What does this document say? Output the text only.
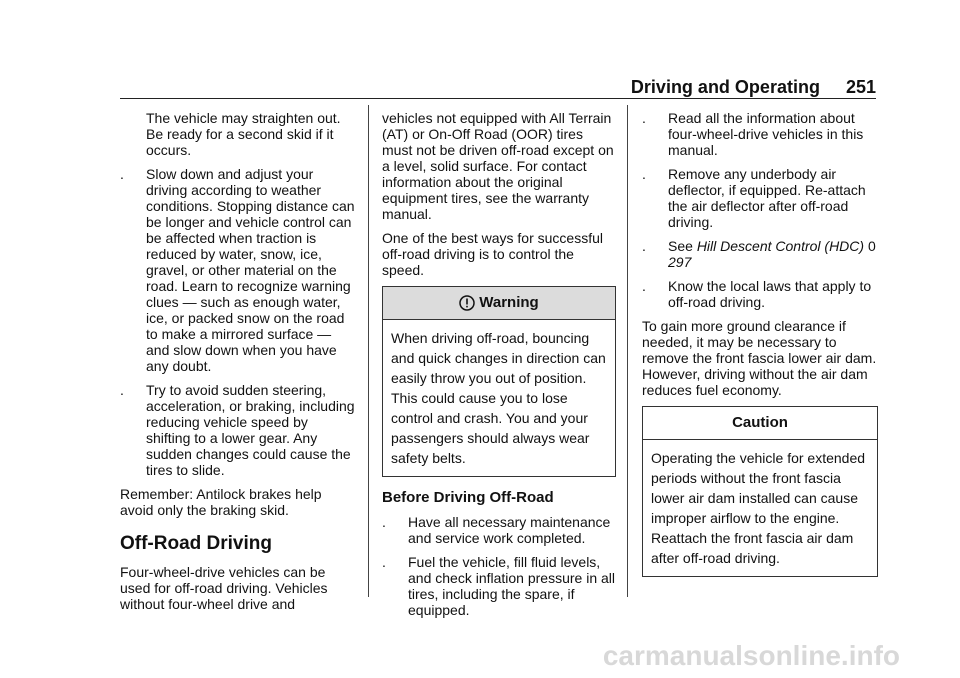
Driving and Operating 251

The vehicle may straighten out. Be ready for a second skid if it occurs.

.	Slow down and adjust your driving according to weather conditions. Stopping distance can be longer and vehicle control can be affected when traction is reduced by water, snow, ice, gravel, or other material on the road. Learn to recognize warning clues — such as enough water, ice, or packed snow on the road to make a mirrored surface — and slow down when you have any doubt.
.	Try to avoid sudden steering, acceleration, or braking, including reducing vehicle speed by shifting to a lower gear. Any sudden changes could cause the tires to slide.

Remember: Antilock brakes help avoid only the braking skid.

Off-Road Driving

Four-wheel-drive vehicles can be used for off-road driving. Vehicles without four-wheel drive and

vehicles not equipped with All Terrain (AT) or On-Off Road (OOR) tires must not be driven off-road except on a level, solid surface. For contact information about the original equipment tires, see the warranty manual.

One of the best ways for successful off-road driving is to control the speed.

Warning
When driving off-road, bouncing and quick changes in direction can easily throw you out of position. This could cause you to lose control and crash. You and your passengers should always wear safety belts.
Before Driving Off-Road
.	Have all necessary maintenance and service work completed.
.	Fuel the vehicle, fill fluid levels, and check inflation pressure in all tires, including the spare, if equipped.
.	Read all the information about four-wheel-drive vehicles in this manual.
.	Remove any underbody air deflector, if equipped. Re-attach the air deflector after off-road driving.
.	See Hill Descent Control (HDC) 0 297
.	Know the local laws that apply to off-road driving.

To gain more ground clearance if needed, it may be necessary to remove the front fascia lower air dam. However, driving without the air dam reduces fuel economy.

Caution
Operating the vehicle for extended periods without the front fascia lower air dam installed can cause improper airflow to the engine. Reattach the front fascia air dam after off-road driving.
carmanualsonline.info
